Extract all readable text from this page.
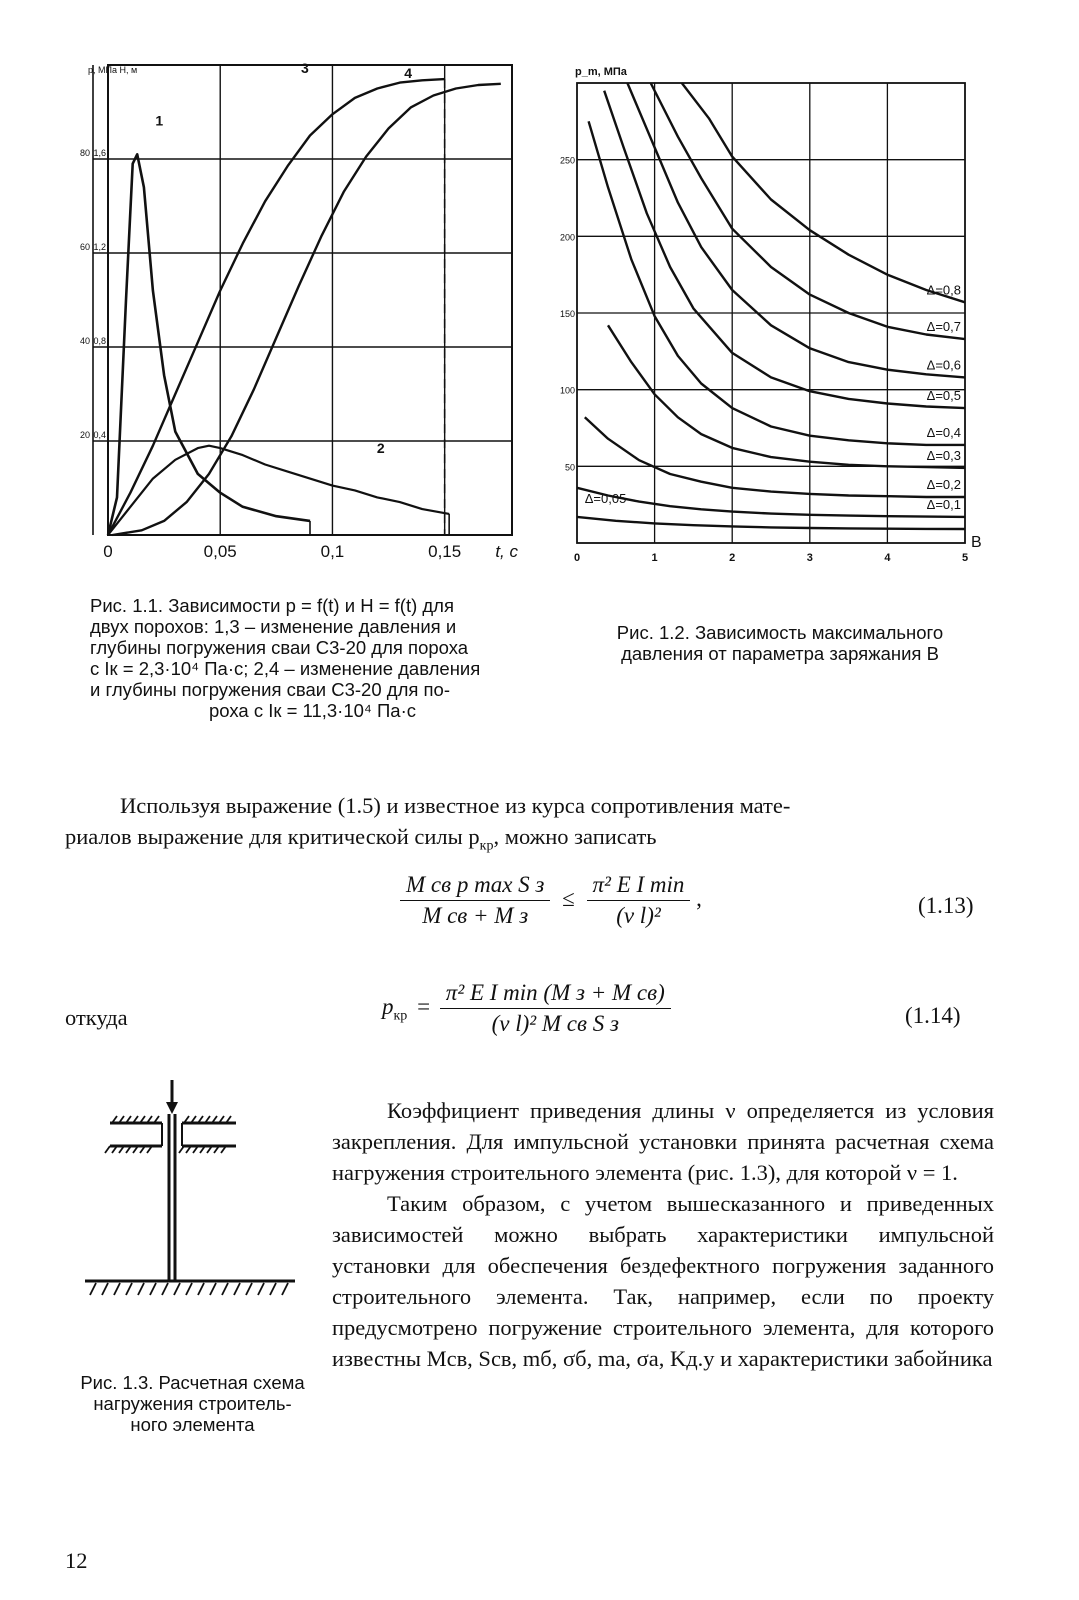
1
2
3	4
0	0,05	0,1	0,15 t, с
20 0,4
40 0,8
60 1,2
80 1,6
p, МПа H, м
Рис. 1.1. Зависимости p = f(t) и H = f(t) для
двух порохов: 1,3 – изменение давления и
глубины погружения сваи С3-20 для пороха
с Iк = 2,3·10⁴ Па·с; 2,4 – изменение давления
и глубины погружения сваи С3-20 для по-
роха с Iк = 11,3·10⁴ Па·с
Δ=0,8
Δ=0,7
Δ=0,6
Δ=0,5
Δ=0,4
Δ=0,3
Δ=0,2
Δ=0,1
Δ=0,05
0	1	2	3	4	5
50
100
150
200
250
B
p_m, МПа
Рис. 1.2. Зависимость максимального
давления от параметра заряжания B
Используя выражение (1.5) и известное из курса сопротивления мате-
риалов выражение для критической силы $p_{кр}$, можно записать
$\frac{\text{M св p max S з}}{\text{M св + M з}} \le \frac{\text{π² E I min}}{\text{(ν l)²}}$ ,	(1.13)
откуда	$p_{кр} = \frac{\text{π² E I min (M з + M св)}}{\text{(ν l)² M св S з}}$	(1.14)
Рис. 1.3. Расчетная схема
нагружения строитель-
ного элемента

Коэффициент приведения длины ν определяется из условия закрепления. Для импульсной установки принята расчетная схема нагружения строительного элемента (рис. 1.3), для которой ν = 1.

Таким образом, с учетом вышесказанного и приведенных зависимостей можно выбрать характеристики импульсной установки для обеспечения бездефектного погружения заданного строительного элемента. Так, например, если по проекту предусмотрено погружение строительного элемента, для которого известны Mсв, Sсв, mб, σб, mа, σа, Kд.у и характеристики забойника

12
